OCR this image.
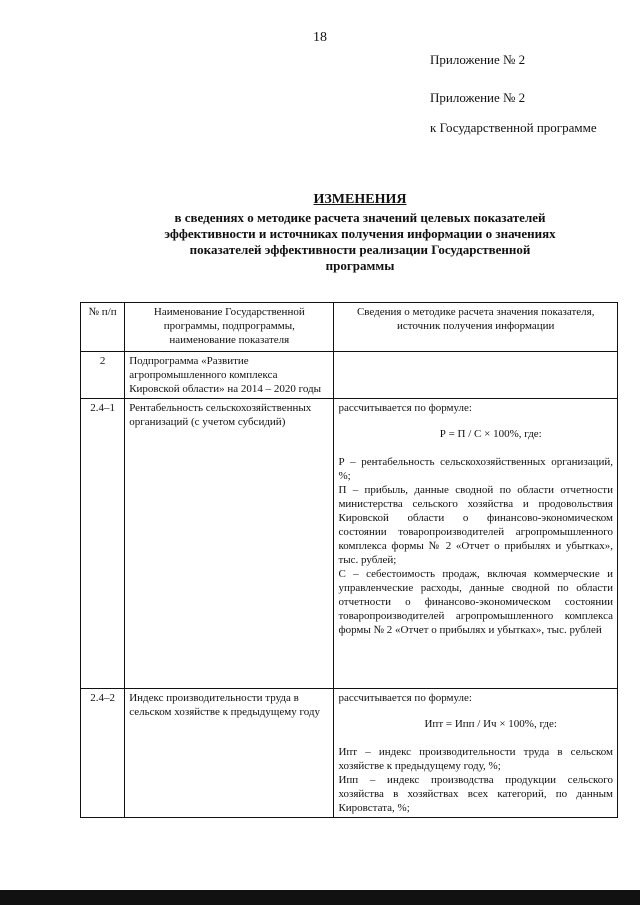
18
Приложение № 2
Приложение № 2
к Государственной программе
ИЗМЕНЕНИЯ
в сведениях о методике расчета значений целевых показателей
эффективности и источниках получения информации о значениях
показателей эффективности реализации Государственной
программы
№ п/п	Наименование Государственной программы, подпрограммы, наименование показателя	Сведения о методике расчета значения показателя, источник получения информации
2	Подпрограмма «Развитие агропромышленного комплекса Кировской области» на 2014 – 2020 годы	
2.4–1	Рентабельность сельскохозяйственных организаций (с учетом субсидий)	рассчитывается по формуле:
Р = П / С × 100%, где:
Р – рентабельность сельскохозяйственных организаций, %;
П – прибыль, данные сводной по области отчетности министерства сельского хозяйства и продовольствия Кировской области о финансово-экономическом состоянии товаропроизводителей агропромышленного комплекса формы № 2 «Отчет о прибылях и убытках», тыс. рублей;
С – себестоимость продаж, включая коммерческие и управленческие расходы, данные сводной по области отчетности о финансово-экономическом состоянии товаропроизводителей агропромышленного комплекса формы № 2 «Отчет о прибылях и убытках», тыс. рублей

2.4–2	Индекс производительности труда в сельском хозяйстве к предыдущему году	рассчитывается по формуле:
Ипт = Ипп / Ич × 100%, где:
Ипт – индекс производительности труда в сельском хозяйстве к предыдущему году, %;
Ипп – индекс производства продукции сельского хозяйства в хозяйствах всех категорий, по данным Кировстата, %;
